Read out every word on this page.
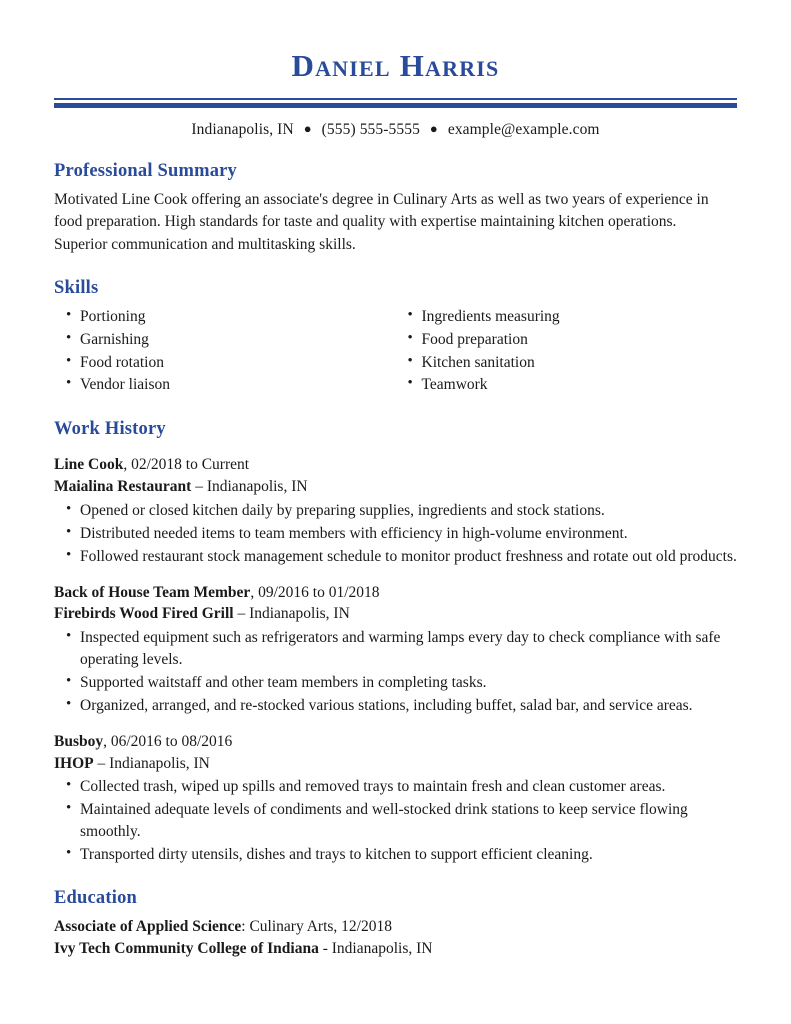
Daniel Harris
Indianapolis, IN ● (555) 555-5555 ● example@example.com
Professional Summary
Motivated Line Cook offering an associate's degree in Culinary Arts as well as two years of experience in food preparation. High standards for taste and quality with expertise maintaining kitchen operations. Superior communication and multitasking skills.
Skills
• Portioning
• Garnishing
• Food rotation
• Vendor liaison
• Ingredients measuring
• Food preparation
• Kitchen sanitation
• Teamwork
Work History
Line Cook, 02/2018 to Current
Maialina Restaurant – Indianapolis, IN
• Opened or closed kitchen daily by preparing supplies, ingredients and stock stations.
• Distributed needed items to team members with efficiency in high-volume environment.
• Followed restaurant stock management schedule to monitor product freshness and rotate out old products.
Back of House Team Member, 09/2016 to 01/2018
Firebirds Wood Fired Grill – Indianapolis, IN
• Inspected equipment such as refrigerators and warming lamps every day to check compliance with safe operating levels.
• Supported waitstaff and other team members in completing tasks.
• Organized, arranged, and re-stocked various stations, including buffet, salad bar, and service areas.
Busboy, 06/2016 to 08/2016
IHOP – Indianapolis, IN
• Collected trash, wiped up spills and removed trays to maintain fresh and clean customer areas.
• Maintained adequate levels of condiments and well-stocked drink stations to keep service flowing smoothly.
• Transported dirty utensils, dishes and trays to kitchen to support efficient cleaning.
Education
Associate of Applied Science: Culinary Arts, 12/2018
Ivy Tech Community College of Indiana - Indianapolis, IN
